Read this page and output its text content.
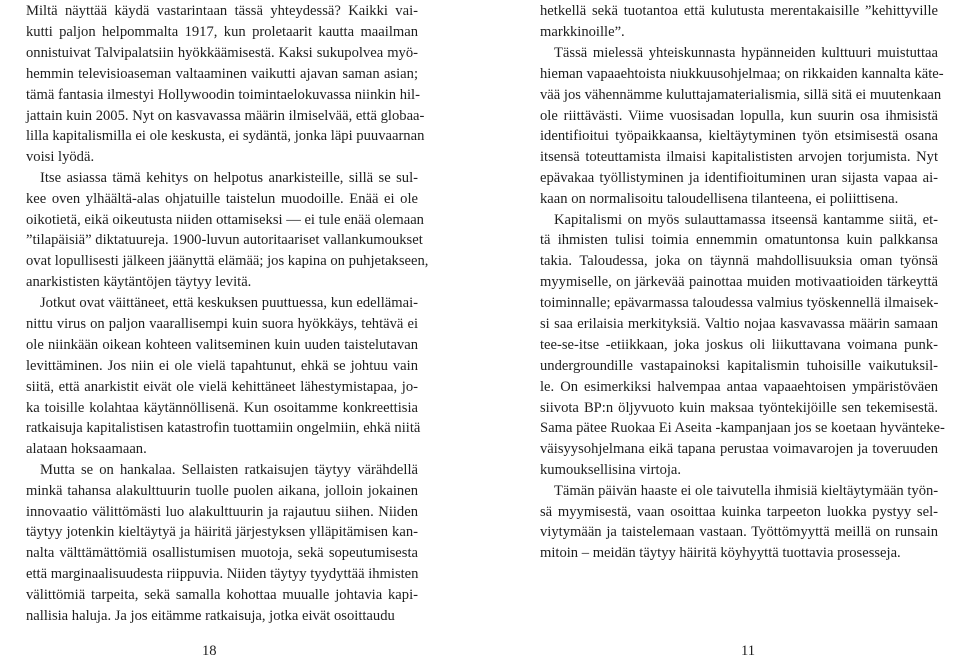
Miltä näyttää käydä vastarintaan tässä yhteydessä? Kaikki vai-
kutti paljon helpommalta 1917, kun proletaarit kautta maailman
onnistuivat Talvipalatsiin hyökkäämisestä. Kaksi sukupolvea myö-
hemmin televisioaseman valtaaminen vaikutti ajavan saman asian;
tämä fantasia ilmestyi Hollywoodin toimintaelokuvassa niinkin hil-
jattain kuin 2005. Nyt on kasvavassa määrin ilmiselvää, että globaa-
lilla kapitalismilla ei ole keskusta, ei sydäntä, jonka läpi puuvaarnan
voisi lyödä.
Itse asiassa tämä kehitys on helpotus anarkisteille, sillä se sul-
kee oven ylhäältä-alas ohjatuille taistelun muodoille. Enää ei ole
oikotietä, eikä oikeutusta niiden ottamiseksi — ei tule enää olemaan
”tilapäisiä” diktatuureja. 1900-luvun autoritaariset vallankumoukset
ovat lopullisesti jälkeen jäänyttä elämää; jos kapina on puhjetakseen,
anarkististen käytäntöjen täytyy levitä.
Jotkut ovat väittäneet, että keskuksen puuttuessa, kun edellämai-
nittu virus on paljon vaarallisempi kuin suora hyökkäys, tehtävä ei
ole niinkään oikean kohteen valitseminen kuin uuden taistelutavan
levittäminen. Jos niin ei ole vielä tapahtunut, ehkä se johtuu vain
siitä, että anarkistit eivät ole vielä kehittäneet lähestymistapaa, jo-
ka toisille kolahtaa käytännöllisenä. Kun osoitamme konkreettisia
ratkaisuja kapitalistisen katastrofin tuottamiin ongelmiin, ehkä niitä
alataan hoksaamaan.
Mutta se on hankalaa. Sellaisten ratkaisujen täytyy värähdellä
minkä tahansa alakulttuurin tuolle puolen aikana, jolloin jokainen
innovaatio välittömästi luo alakulttuurin ja rajautuu siihen. Niiden
täytyy jotenkin kieltäytyä ja häiritä järjestyksen ylläpitämisen kan-
nalta välttämättömiä osallistumisen muotoja, sekä sopeutumisesta
että marginaalisuudesta riippuvia. Niiden täytyy tyydyttää ihmisten
välittömiä tarpeita, sekä samalla kohottaa muualle johtavia kapi-
nallisia haluja. Ja jos eitämme ratkaisuja, jotka eivät osoittaudu
hetkellä sekä tuotantoa että kulutusta merentakaisille ”kehittyville
markkinoille”.
Tässä mielessä yhteiskunnasta hypänneiden kulttuuri muistuttaa
hieman vapaaehtoista niukkuusohjelmaa; on rikkaiden kannalta käte-
vää jos vähennämme kuluttajamaterialismia, sillä sitä ei muutenkaan
ole riittävästi. Viime vuosisadan lopulla, kun suurin osa ihmisistä
identifioitui työpaikkaansa, kieltäytyminen työn etsimisestä osana
itsensä toteuttamista ilmaisi kapitalististen arvojen torjumista. Nyt
epävakaa työllistyminen ja identifioituminen uran sijasta vapaa ai-
kaan on normalisoitu taloudellisena tilanteena, ei poliittisena.
Kapitalismi on myös sulauttamassa itseensä kantamme siitä, et-
tä ihmisten tulisi toimia ennemmin omatuntonsa kuin palkkansa
takia. Taloudessa, joka on täynnä mahdollisuuksia oman työnsä
myymiselle, on järkevää painottaa muiden motivaatioiden tärkeyttä
toiminnalle; epävarmassa taloudessa valmius työskennellä ilmaisek-
si saa erilaisia merkityksiä. Valtio nojaa kasvavassa määrin samaan
tee-se-itse -etiikkaan, joka joskus oli liikuttavana voimana punk-
undergroundille vastapainoksi kapitalismin tuhoisille vaikutuksil-
le. On esimerkiksi halvempaa antaa vapaaehtoisen ympäristöväen
siivota BP:n öljyvuoto kuin maksaa työntekijöille sen tekemisestä.
Sama pätee Ruokaa Ei Aseita -kampanjaan jos se koetaan hyväntekе-
väisyysohjelmana eikä tapana perustaa voimavarojen ja toveruuden
kumouksellisina virtoja.
Tämän päivän haaste ei ole taivutella ihmisiä kieltäytymään työn-
sä myymisestä, vaan osoittaa kuinka tarpeeton luokka pystyy sel-
viytymään ja taistelemaan vastaan. Työttömyyttä meillä on runsain
mitoin – meidän täytyy häiritä köyhyyttä tuottavia prosesseja.
18	11
